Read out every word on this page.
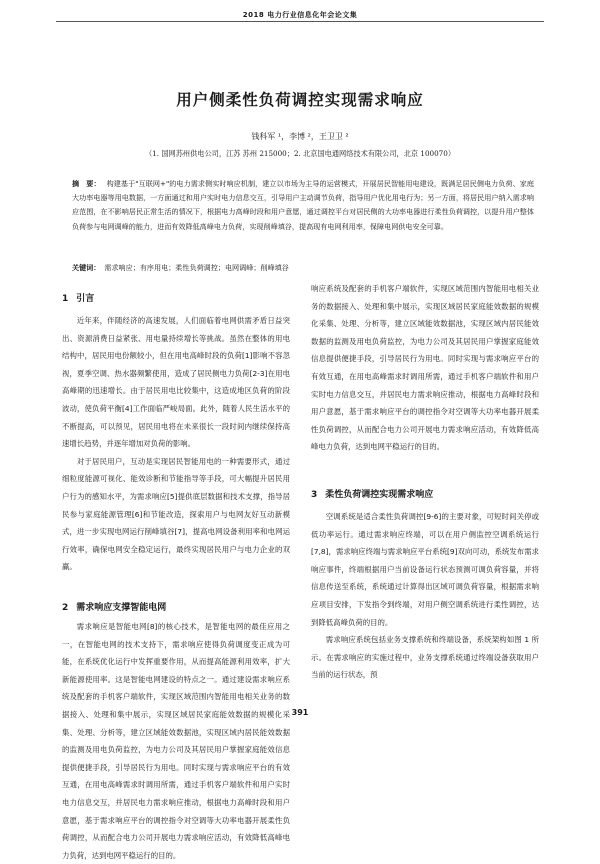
2018 电力行业信息化年会论文集
用户侧柔性负荷调控实现需求响应
钱科军 ¹，李博 ²，王卫卫 ²
（1. 国网苏州供电公司，江苏 苏州 215000；2. 北京国电通网络技术有限公司，北京 100070）
摘　要： 构建基于"互联网+"的电力需求侧实时响应机制，建立以市场为主导的运营模式，开展居民智能用电建设，既满足居民侧电力负荷、家庭大功率电器等用电数据，一方面通过和用户实时电力信息交互，引导用户主动调节负荷，指导用户优化用电行为；另一方面，将居民用户纳入需求响应范围，在不影响居民正常生活的情况下，根据电力高峰时段和用户意愿，通过调控平台对居民侧的大功率电器进行柔性负荷调控，以提升用户整体负荷参与电网调峰的能力，进而有效降低高峰电力负荷，实现削峰填谷，提高现有电网利用率，保障电网供电安全可靠。
关键词： 需求响应；有序用电；柔性负荷调控；电网调峰；削峰填谷
1 引言

近年来，伴随经济的高速发展，人们面临着电网供需矛盾日益突出、资源消费日益紧张、用电量持续增长等挑战。虽然在整体的用电结构中，居民用电份额较小，但在用电高峰时段的负荷[1]影响不容忽视，夏季空调、热水器频繁使用，造成了居民侧电力负荷[2-3]在用电高峰期的迅速增长。由于居民用电比较集中，这造成地区负荷的阶段波动，使负荷平衡[4]工作面临严峻局面。此外，随着人民生活水平的不断提高，可以预见，居民用电将在未来很长一段时间内继续保持高速增长趋势，并逐年增加对负荷的影响。

对于居民用户，互动是实现居民智能用电的一种需要形式，通过细粒度能源可视化、能效诊断和节能指导等手段，可大幅提升居民用户行为的感知水平，为需求响应[5]提供底层数据和技术支撑，指导居民参与家庭能源管理[6]和节能改造，探索用户与电网友好互动新模式，进一步实现电网运行削峰填谷[7]，提高电网设备利用率和电网运行效率，确保电网安全稳定运行，最终实现居民用户与电力企业的双赢。

2 需求响应支撑智能电网

需求响应是智能电网[8]的核心技术，是智能电网的最佳应用之一，在智能电网的技术支持下，需求响应使得负荷调度变正成为可能，在系统优化运行中发挥重要作用，从而提高能源利用效率，扩大新能源使用率。这是智能电网建设的特点之一。通过建设需求响应系统及配套的手机客户端软件，实现区域范围内智能用电相关业务的数据接入、处理和集中展示，实现区域居民家庭能效数据的规模化采集、处理、分析等，建立区域能效数据池，实现区域内居民能效数据的监测及用电负荷监控，为电力公司及其居民用户掌握家庭能效信息提供便捷手段，引导居民行为用电。同时实现与需求响应平台的有效互通，在用电高峰需求时调用所需，通过手机客户端软件和用户实时电力信息交互，并居民电力需求响应推动，根据电力高峰时段和用户意愿，基于需求响应平台的调控指令对空调等大功率电器开展柔性负荷调控，从而配合电力公司开展电力需求响应活动，有效降低高峰电力负荷，达到电网平稳运行的目的。

响应系统及配套的手机客户端软件，实现区域范围内智能用电相关业务的数据接入、处理和集中展示，实现区域居民家庭能效数据的规模化采集、处理、分析等，建立区域能效数据池，实现区域内居民能效数据的监测及用电负荷监控，为电力公司及其居民用户掌握家庭能效信息提供便捷手段，引导居民行为用电。同时实现与需求响应平台的有效互通，在用电高峰需求时调用所需，通过手机客户端软件和用户实时电力信息交互，并居民电力需求响应推动，根据电力高峰时段和用户意愿，基于需求响应平台的调控指令对空调等大功率电器开展柔性负荷调控，从而配合电力公司开展电力需求响应活动，有效降低高峰电力负荷，达到电网平稳运行的目的。

3 柔性负荷调控实现需求响应

空调系统是适合柔性负荷调控[9-6]的主要对象，可短时间关停或低功率运行。通过需求响应终端，可以在用户侧监控空调系统运行[7,8]，需求响应终端与需求响应平台系统[9]双向可动，系统发布需求响应事件，终端根据用户当前设备运行状态预测可调负荷容量，并将信息传送至系统，系统通过计算得出区域可调负荷容量，根据需求响应项目安排，下发指令到终端，对用户侧空调系统进行柔性调控，达到降低高峰负荷的目的。

需求响应系统包括业务支撑系统和终端设备，系统架构如图 1 所示。在需求响应的实施过程中，业务支撑系统通过终端设备获取用户当前的运行状态，预

391
